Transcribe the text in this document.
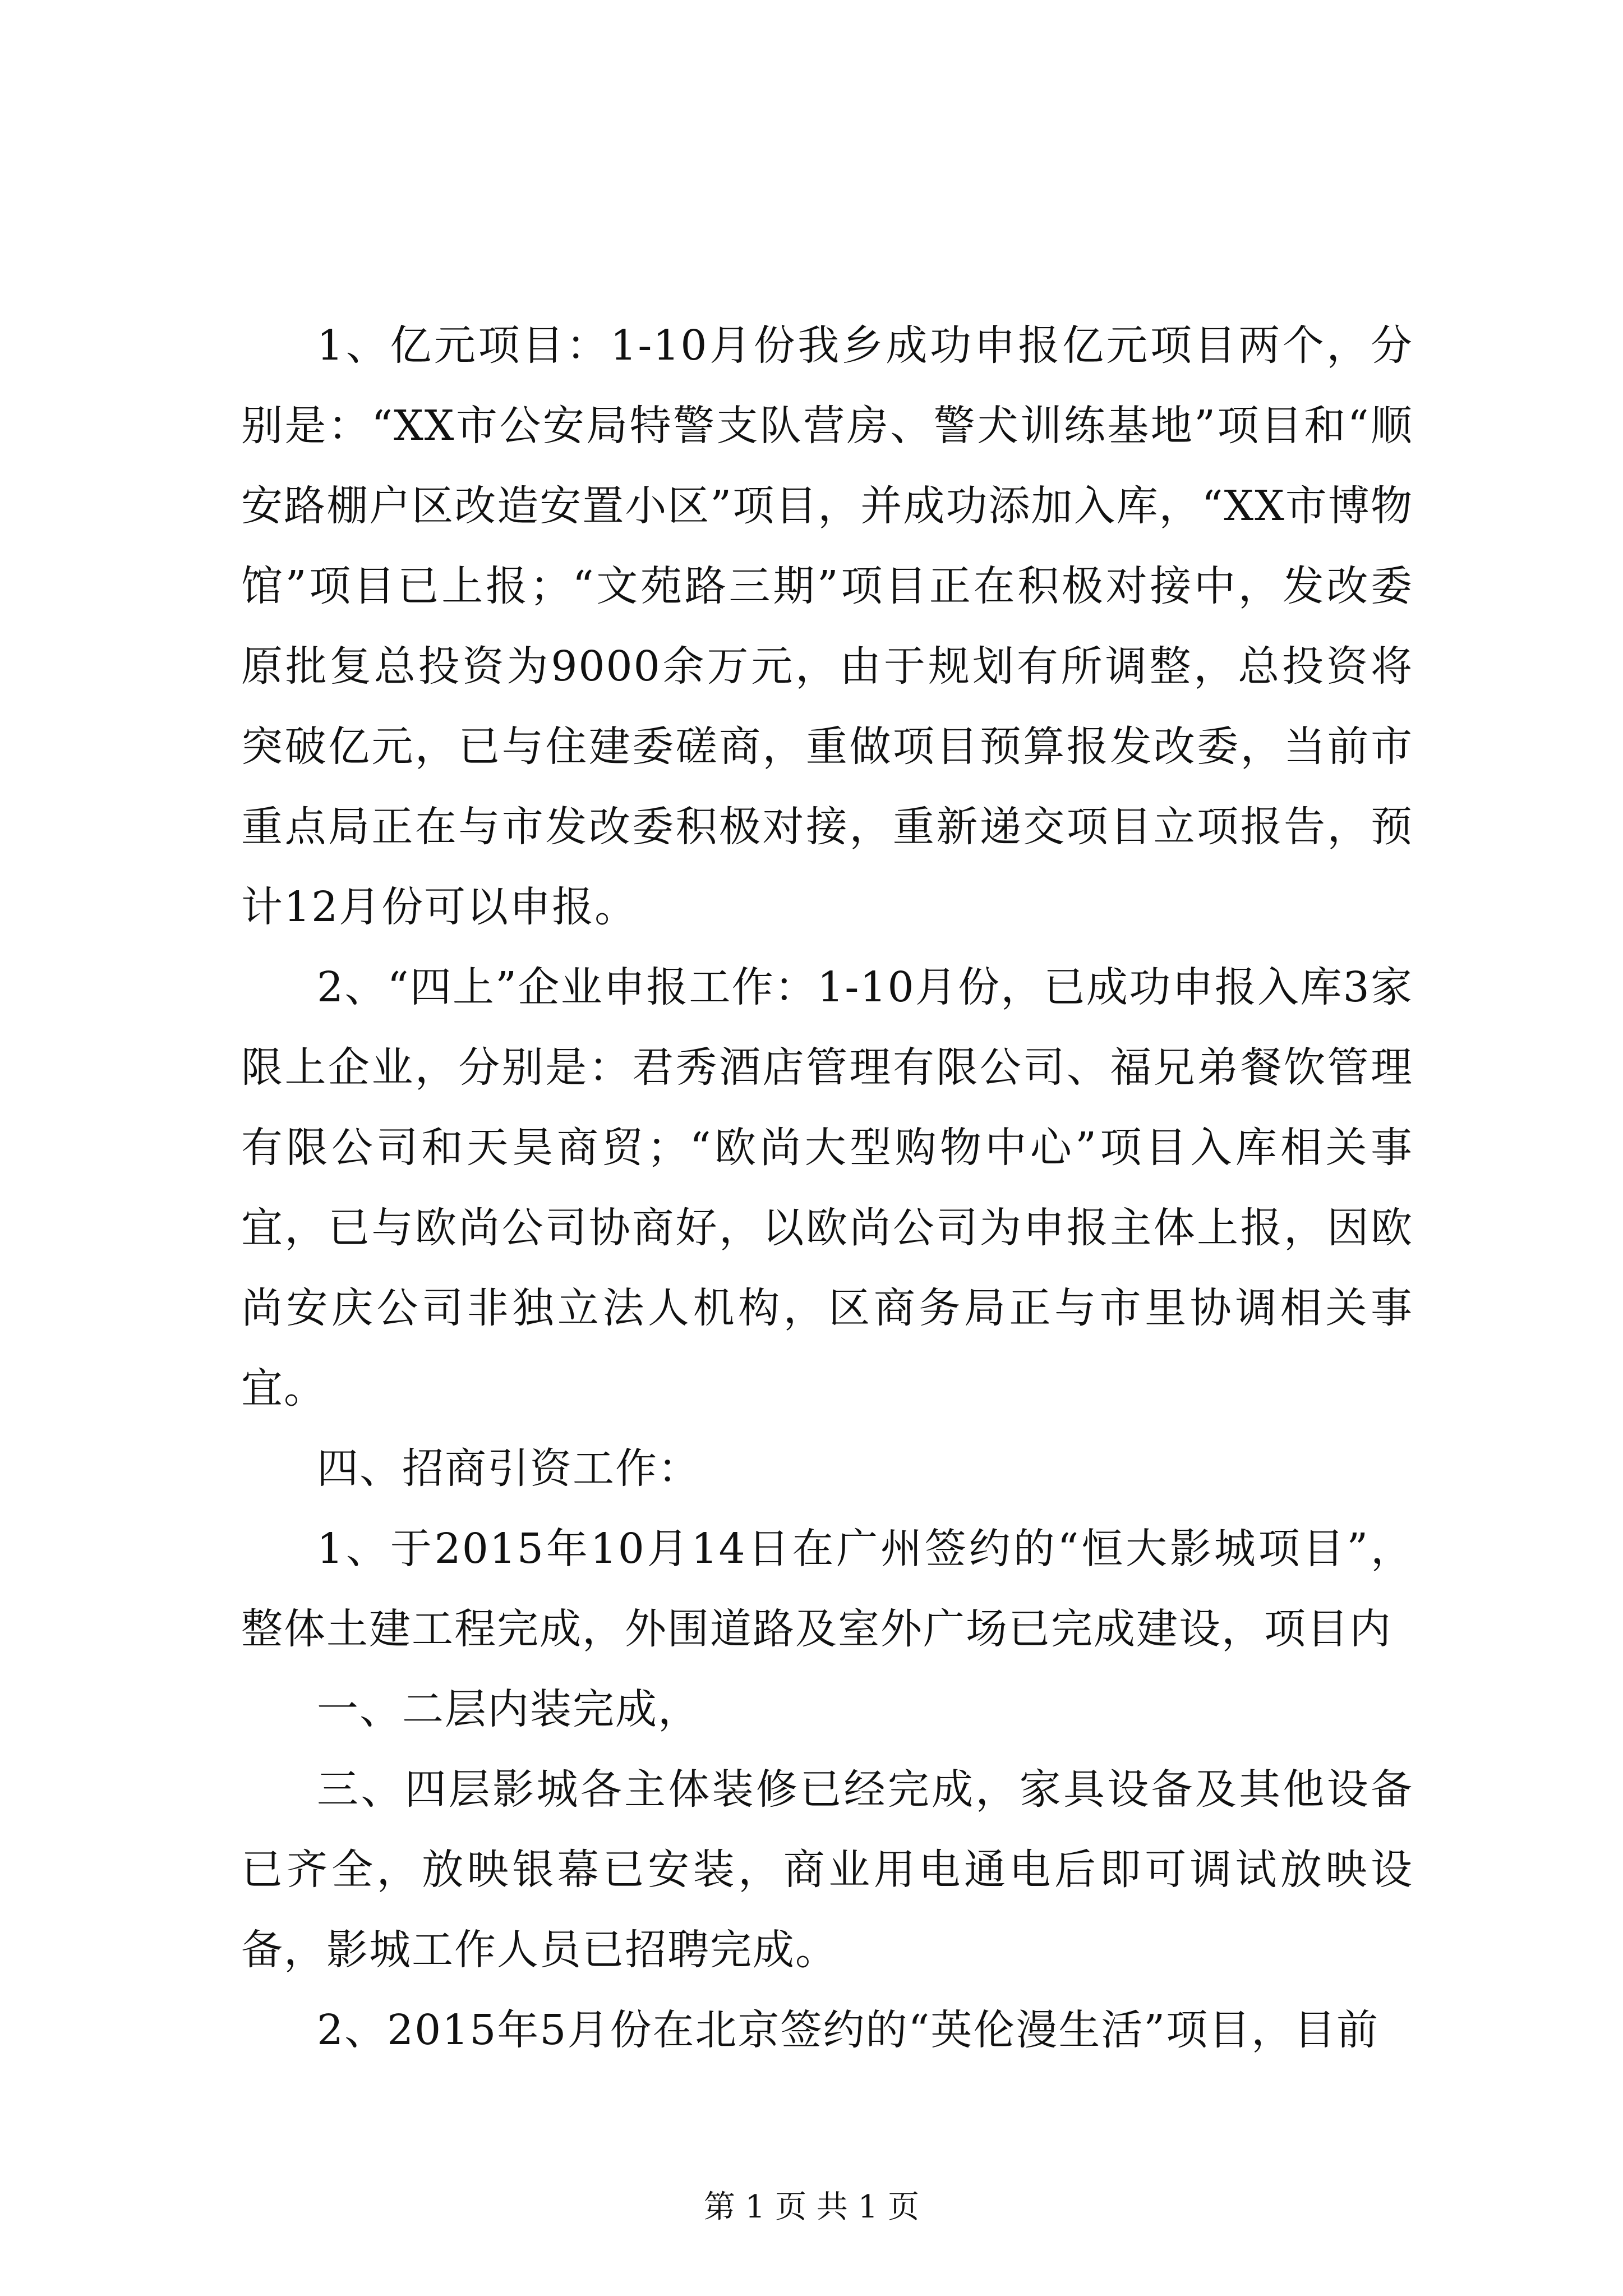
1、亿元项目：1-10月份我乡成功申报亿元项目两个，分别是：“XX市公安局特警支队营房、警犬训练基地”项目和“顺安路棚户区改造安置小区”项目，并成功添加入库，“XX市博物馆”项目已上报；“文苑路三期”项目正在积极对接中，发改委原批复总投资为9000余万元，由于规划有所调整，总投资将突破亿元，已与住建委磋商，重做项目预算报发改委，当前市重点局正在与市发改委积极对接，重新递交项目立项报告，预计12月份可以申报。

2、“四上”企业申报工作：1-10月份，已成功申报入库3家限上企业，分别是：君秀酒店管理有限公司、福兄弟餐饮管理有限公司和天昊商贸；“欧尚大型购物中心”项目入库相关事宜，已与欧尚公司协商好，以欧尚公司为申报主体上报，因欧尚安庆公司非独立法人机构，区商务局正与市里协调相关事宜。

四、招商引资工作：

1、于2015年10月14日在广州签约的“恒大影城项目”，整体土建工程完成，外围道路及室外广场已完成建设，项目内

一、二层内装完成，

三、四层影城各主体装修已经完成，家具设备及其他设备已齐全，放映银幕已安装，商业用电通电后即可调试放映设备，影城工作人员已招聘完成。

2、2015年5月份在北京签约的“英伦漫生活”项目，目前

第 1 页 共 1 页
